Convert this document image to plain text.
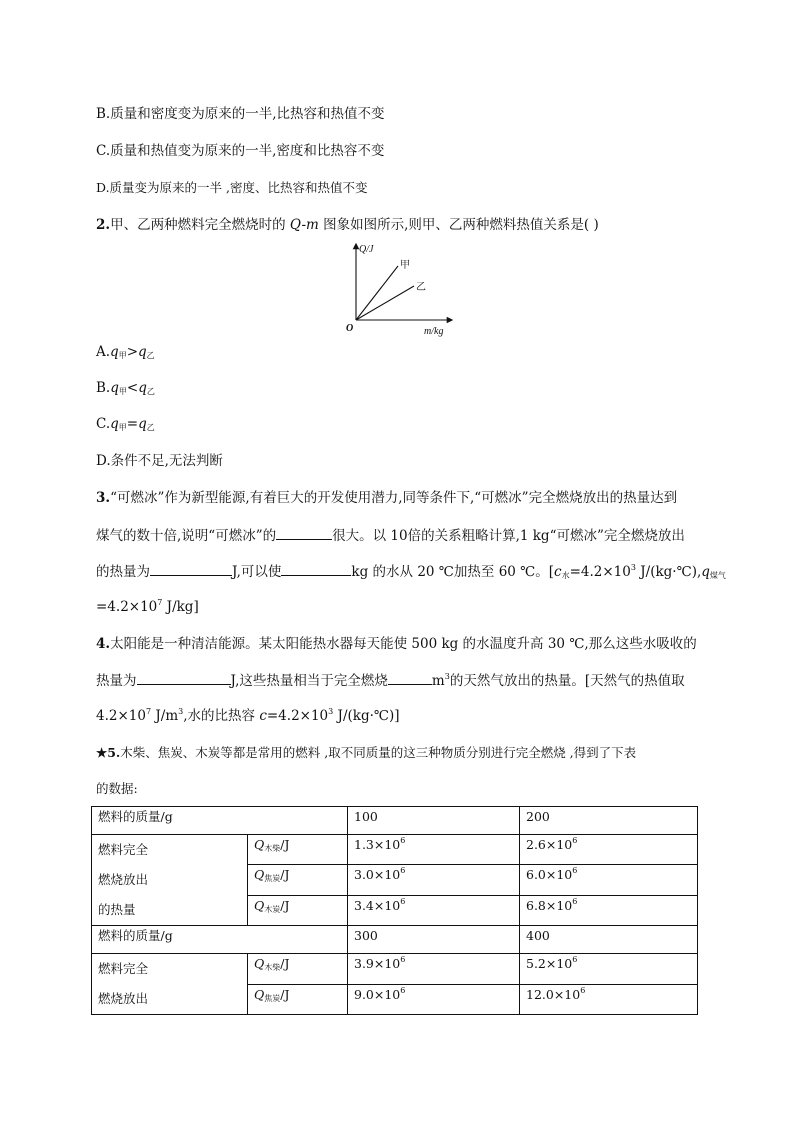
B.质量和密度变为原来的一半,比热容和热值不变
C.质量和热值变为原来的一半,密度和比热容不变
D.质量变为原来的一半 ,密度、比热容和热值不变
2.甲、乙两种燃料完全燃烧时的 Q-m 图象如图所示,则甲、乙两种燃料热值关系是( )
Q/J
m/kg
O
甲
乙
$A.q_甲>q_乙$
$B.q_甲<q_乙$
$C.q_甲=q_乙$
D.条件不足,无法判断
3.“可燃冰”作为新型能源,有着巨大的开发使用潜力,同等条件下,“可燃冰”完全燃烧放出的热量达到
煤气的数十倍,说明“可燃冰”的	很大。以 10倍的关系粗略计算,1 kg“可燃冰”完全燃烧放出
的热量为	J,可以使	kg 的水从 20 ℃加热至 60 ℃。[$c_水=4.2\times 10^3$ $J/(kg\cdot℃),q_{煤气}$
$=4.2\times 10^7$ J/kg]
4.太阳能是一种清洁能源。某太阳能热水器每天能使 500 kg 的水温度升高 30 ℃,那么这些水吸收的
热量为	J,这些热量相当于完全燃烧	$m^3$的天然气放出的热量。[天然气的热值取
$4.2\times 10^7$ $J/m^3$,水的比热容 $c=4.2\times 10^3$ J/(kg·℃)]
★5.木柴、焦炭、木炭等都是常用的燃料 ,取不同质量的这三种物质分别进行完全燃烧 ,得到了下表
的数据:
燃料的质量/g		100	200

燃料完全
燃烧放出
的热量	$Q_{木柴}/J$	$1.3\times 10^6$	$2.6\times 10^6$
	$Q_{焦炭}/J$	$3.0\times 10^6$	$6.0\times 10^6$
	$Q_{木炭}/J$	$3.4\times 10^6$	$6.8\times 10^6$
燃料的质量/g		300	400

燃料完全
燃烧放出	$Q_{木柴}/J$	$3.9\times 10^6$	$5.2\times 10^6$
	$Q_{焦炭}/J$	$9.0\times 10^6$	$12.0\times 10^6$
